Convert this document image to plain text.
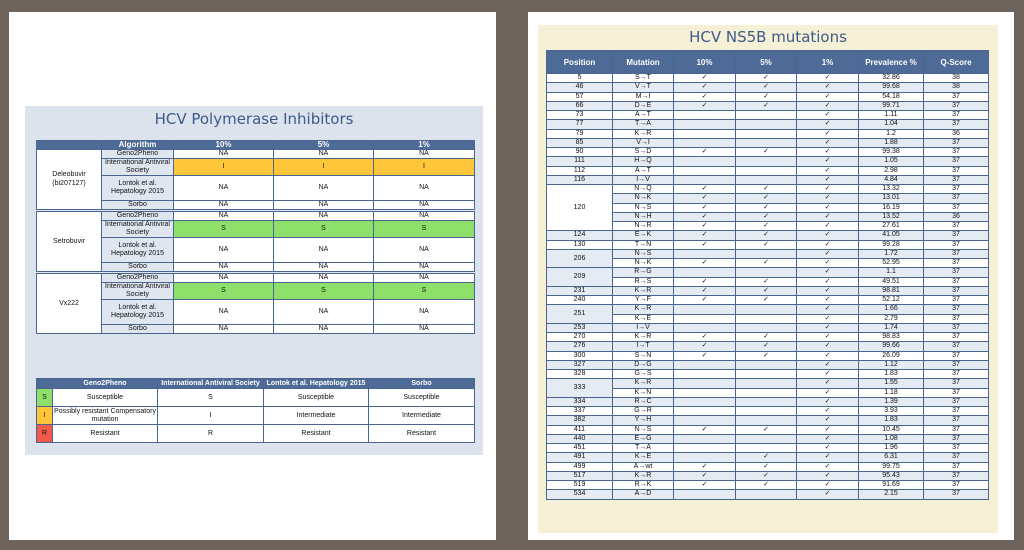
HCV Polymerase Inhibitors
	Algorithm	10%	5%	1%
Deleobuvir (bi207127)	Geno2Pheno	NA	NA	NA
	International Antiviral Society	I	I	I
	Lontok et al. Hepatology 2015	NA	NA	NA
	Sorbo	NA	NA	NA

Setrobuvir	Geno2Pheno	NA	NA	NA
	International Antiviral Society	S	S	S
	Lontok et al. Hepatology 2015	NA	NA	NA
	Sorbo	NA	NA	NA

Vx222	Geno2Pheno	NA	NA	NA
	International Antiviral Society	S	S	S
	Lontok et al. Hepatology 2015	NA	NA	NA
	Sorbo	NA	NA	NA
	Geno2Pheno	International Antiviral Society	Lontok et al. Hepatology 2015	Sorbo
S	Susceptible	S	Susceptible	Susceptible
I	Possibly resistant Compensatory mutation	I	Intermediate	Intermediate
R	Resistant	R	Resistant	Resistant
HCV NS5B mutations
Position	Mutation	10%	5%	1%	Prevalence %	Q-Score
5	S→T	✓	✓	✓	32.86	38
46	V→T	✓	✓	✓	99.68	38
57	M→I	✓	✓	✓	54.18	37
66	D→E	✓	✓	✓	99.71	37
73	A→T			✓	1.11	37
77	T→A			✓	1.04	37
79	K→R			✓	1.2	36
85	V→I			✓	1.88	37
90	S→D	✓	✓	✓	99.38	37
111	H→Q			✓	1.05	37
112	A→T			✓	2.98	37
116	I→V			✓	4.84	37
120	N→Q	✓	✓	✓	13.32	37
	N→K	✓	✓	✓	13.01	37
	N→S	✓	✓	✓	16.19	37
	N→H	✓	✓	✓	13.52	36
	N→R	✓	✓	✓	27.61	37
124	E→K	✓	✓	✓	41.05	37
130	T→N	✓	✓	✓	99.28	37
206	N→S			✓	1.72	37
	N→K	✓	✓	✓	52.95	37
209	R→G			✓	1.1	37
	R→S	✓	✓	✓	49.51	37
231	K→R	✓	✓	✓	98.81	37
240	Y→F	✓	✓	✓	52.12	37
251	K→R			✓	1.66	37
	K→E			✓	2.79	37
253	I→V			✓	1.74	37
270	K→R	✓	✓	✓	98.83	37
276	I→T	✓	✓	✓	99.66	37
300	S→N	✓	✓	✓	26.09	37
327	D→G			✓	1.12	37
328	G→S			✓	1.83	37
333	K→R			✓	1.55	37
	K→N			✓	1.18	37
334	R→C			✓	1.39	37
337	G→R			✓	3.93	37
382	Y→H			✓	1.83	37
411	N→S	✓	✓	✓	10.45	37
440	E→G			✓	1.08	37
451	T→A			✓	1.96	37
491	K→E		✓	✓	6.31	37
499	A→wt	✓	✓	✓	99.75	37
517	K→R	✓	✓	✓	95.43	37
519	R→K	✓	✓	✓	91.69	37
534	A→D			✓	2.15	37
